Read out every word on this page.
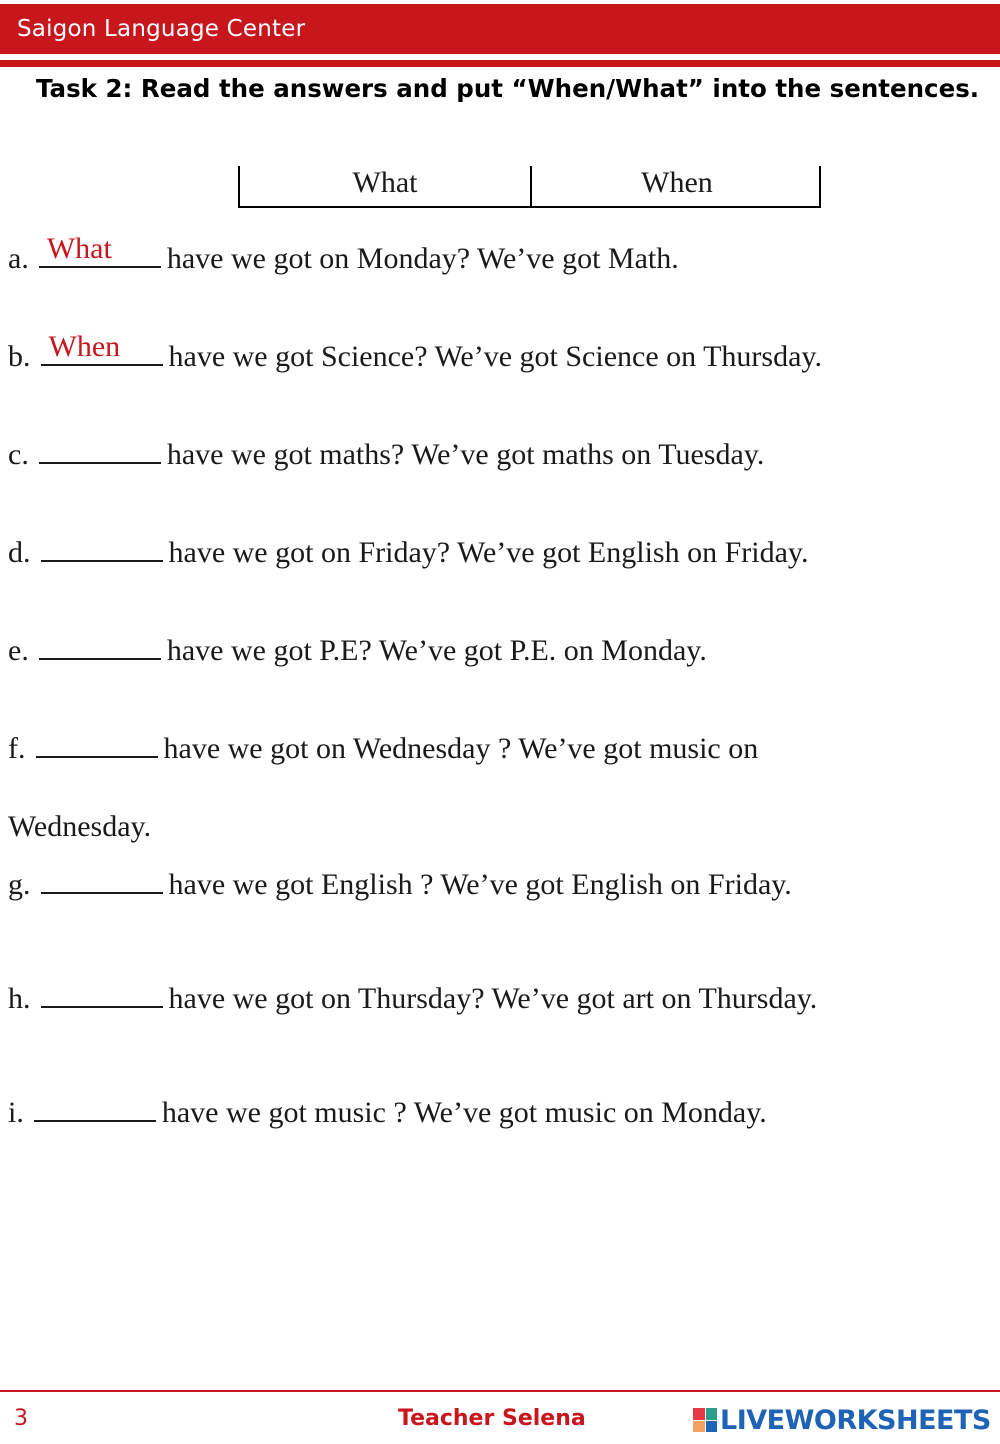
Saigon Language Center
Task 2: Read the answers and put “When/What” into the sentences.
What	When
a. What have we got on Monday? We’ve got Math.
b. When have we got Science? We’ve got Science on Thursday.
c.	have we got maths? We’ve got maths on Tuesday.
d.	have we got on Friday? We’ve got English on Friday.
e.	have we got P.E? We’ve got P.E. on Monday.
f.	have we got on Wednesday ? We’ve got music on
Wednesday.
g.	have we got English ? We’ve got English on Friday.
h.	have we got on Thursday? We’ve got art on Thursday.
i.	have we got music ? We’ve got music on Monday.
3	Teacher Selena	LIVEWORKSHEETS
